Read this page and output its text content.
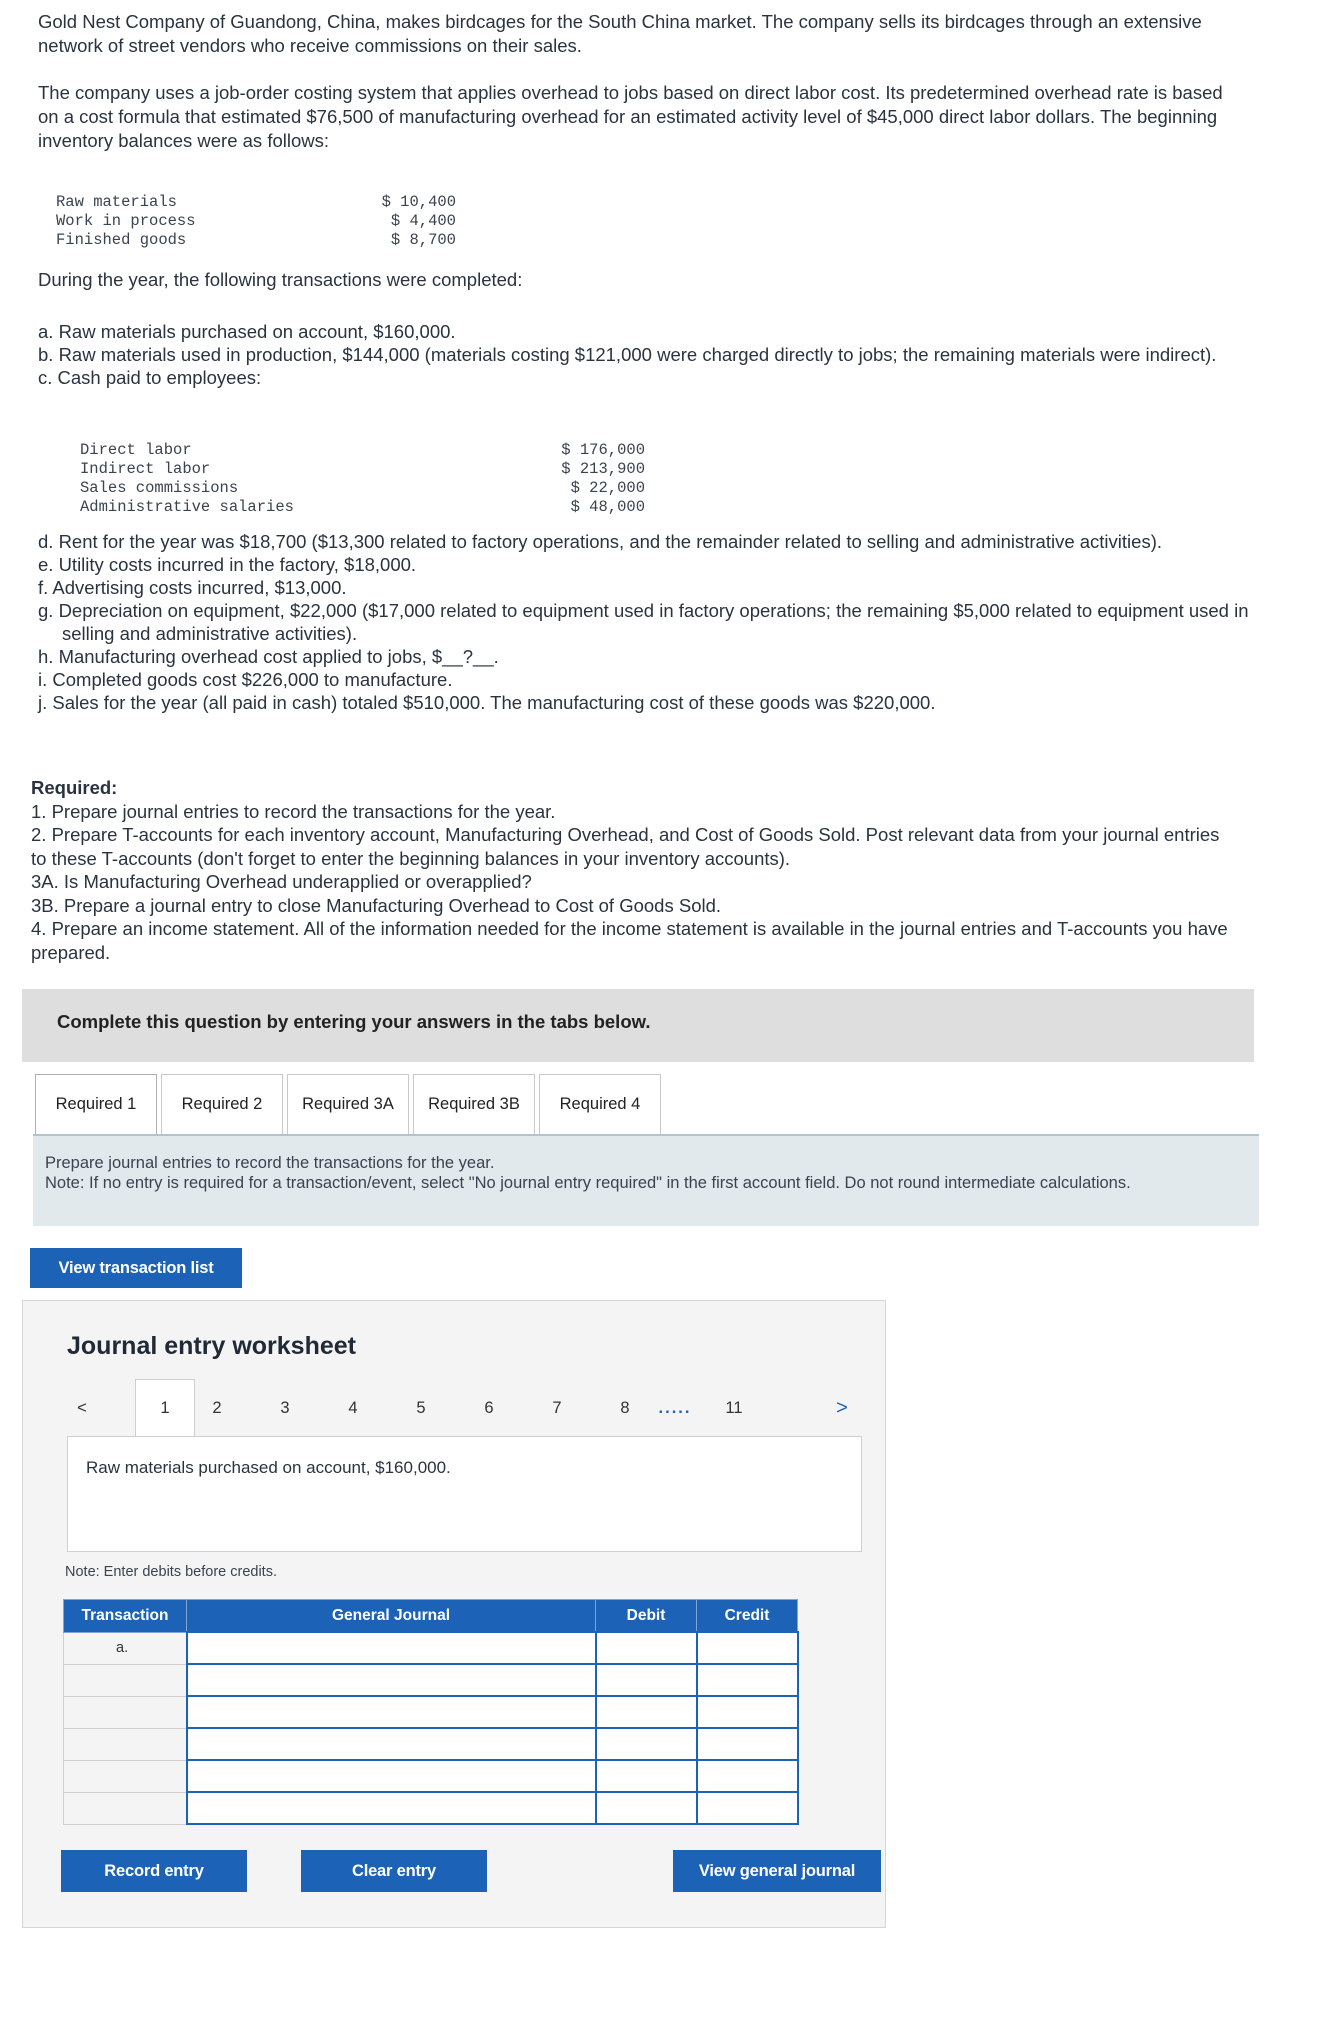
Gold Nest Company of Guandong, China, makes birdcages for the South China market. The company sells its birdcages through an extensive network of street vendors who receive commissions on their sales.

The company uses a job-order costing system that applies overhead to jobs based on direct labor cost. Its predetermined overhead rate is based on a cost formula that estimated $76,500 of manufacturing overhead for an estimated activity level of $45,000 direct labor dollars. The beginning inventory balances were as follows:

Raw materials	$ 10,400
Work in process	$ 4,400
Finished goods	$ 8,700

During the year, the following transactions were completed:

a. Raw materials purchased on account, $160,000.

b. Raw materials used in production, $144,000 (materials costing $121,000 were charged directly to jobs; the remaining materials were indirect).

c. Cash paid to employees:

Direct labor	$ 176,000
Indirect labor	$ 213,900
Sales commissions	$ 22,000
Administrative salaries	$ 48,000

d. Rent for the year was $18,700 ($13,300 related to factory operations, and the remainder related to selling and administrative activities).

e. Utility costs incurred in the factory, $18,000.

f. Advertising costs incurred, $13,000.

g. Depreciation on equipment, $22,000 ($17,000 related to equipment used in factory operations; the remaining $5,000 related to equipment used in selling and administrative activities).

h. Manufacturing overhead cost applied to jobs, $__?__.

i. Completed goods cost $226,000 to manufacture.

j. Sales for the year (all paid in cash) totaled $510,000. The manufacturing cost of these goods was $220,000.

Required:

1. Prepare journal entries to record the transactions for the year.

2. Prepare T-accounts for each inventory account, Manufacturing Overhead, and Cost of Goods Sold. Post relevant data from your journal entries to these T-accounts (don't forget to enter the beginning balances in your inventory accounts).

3A. Is Manufacturing Overhead underapplied or overapplied?

3B. Prepare a journal entry to close Manufacturing Overhead to Cost of Goods Sold.

4. Prepare an income statement. All of the information needed for the income statement is available in the journal entries and T-accounts you have prepared.

Complete this question by entering your answers in the tabs below.
Required 1	Required 2	Required 3A	Required 3B	Required 4
Prepare journal entries to record the transactions for the year.
Note: If no entry is required for a transaction/event, select "No journal entry required" in the first account field. Do not round intermediate calculations.
View transaction list
Journal entry worksheet
<	1	2	3	4	5	6	7	8	.....	11	>
Raw materials purchased on account, $160,000.
Note: Enter debits before credits.
Transaction	General Journal	Debit	Credit
a.			

Record entry	Clear entry	View general journal
